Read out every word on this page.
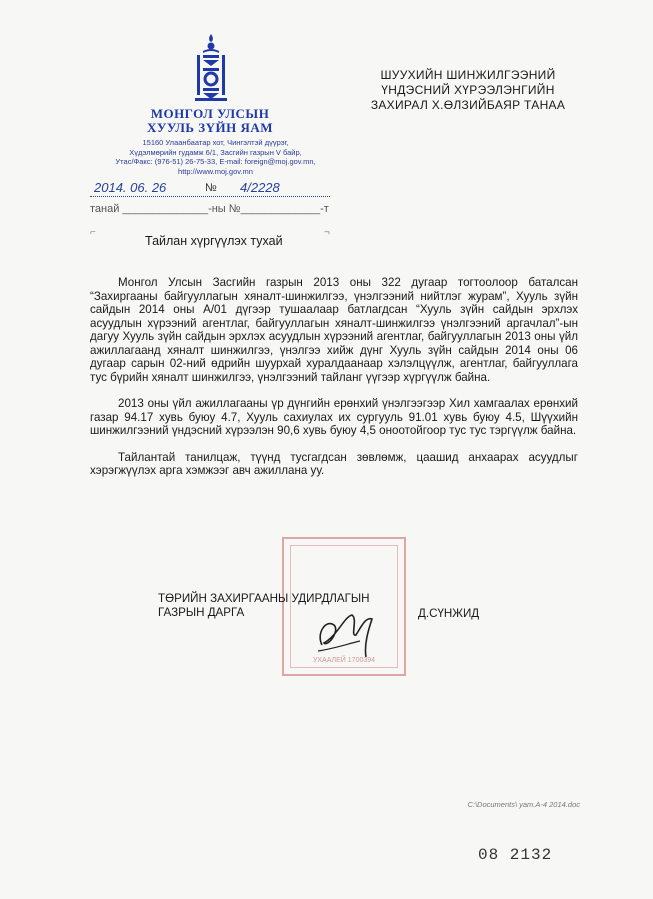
МОНГОЛ УЛСЫН
ХУУЛЬ ЗҮЙН ЯАМ
15160 Улаанбаатар хот, Чингэлтэй дүүрэг,
Хүдэлмөрийн гудамж 6/1, Засгийн газрын V байр,
Утас/Факс: (976-51) 26-75-33, E-mail: foreign@moj.gov.mn,
http://www.moj.gov.mn
2014. 06. 26	№ 4/2228
танай ______________-ны №_____________-т
⌐	¬
ШУУХИЙН ШИНЖИЛГЭЭНИЙ
ҮНДЭСНИЙ ХҮРЭЭЛЭНГИЙН
ЗАХИРАЛ Х.ӨЛЗИЙБАЯР ТАНАА
Тайлан хүргүүлэх тухай

Монгол Улсын Засгийн газрын 2013 оны 322 дугаар тогтоолоор баталсан “Захиргааны байгууллагын хяналт-шинжилгээ, үнэлгээний нийтлэг журам”, Хууль зүйн сайдын 2014 оны А/01 дүгээр тушаалаар батлагдсан “Хууль зүйн сайдын эрхлэх асуудлын хүрээний агентлаг, байгууллагын хяналт-шинжилгээ үнэлгээний аргачлал”-ын дагуу Хууль зүйн сайдын эрхлэх асуудлын хүрээний агентлаг, байгууллагын 2013 оны үйл ажиллагаанд хяналт шинжилгээ, үнэлгээ хийж дүнг Хууль зүйн сайдын 2014 оны 06 дугаар сарын 02-ний өдрийн шуурхай хуралдаанаар хэлэлцүүлж, агентлаг, байгууллага тус бүрийн хяналт шинжилгээ, үнэлгээний тайланг үүгээр хүргүүлж байна.

2013 оны үйл ажиллагааны үр дүнгийн ерөнхий үнэлгээгээр Хил хамгаалах ерөнхий газар 94.17 хувь буюу 4.7, Хууль сахиулах их сургууль 91.01 хувь буюу 4.5, Шүүхийн шинжилгээний үндэсний хүрээлэн 90,6 хувь буюу 4,5 оноотойгоор тус тус тэргүүлж байна.

Тайлантай танилцаж, түүнд тусгагдсан зөвлөмж, цаашид анхаарах асуудлыг хэрэгжүүлэх арга хэмжээг авч ажиллана уу.

УХААЛЕЙ 1700394
ТӨРИЙН ЗАХИРГААНЫ УДИРДЛАГЫН
ГАЗРЫН ДАРГА	Д.СҮНЖИД
C:\Documents\ yam.A-4 2014.doc
08 2132
